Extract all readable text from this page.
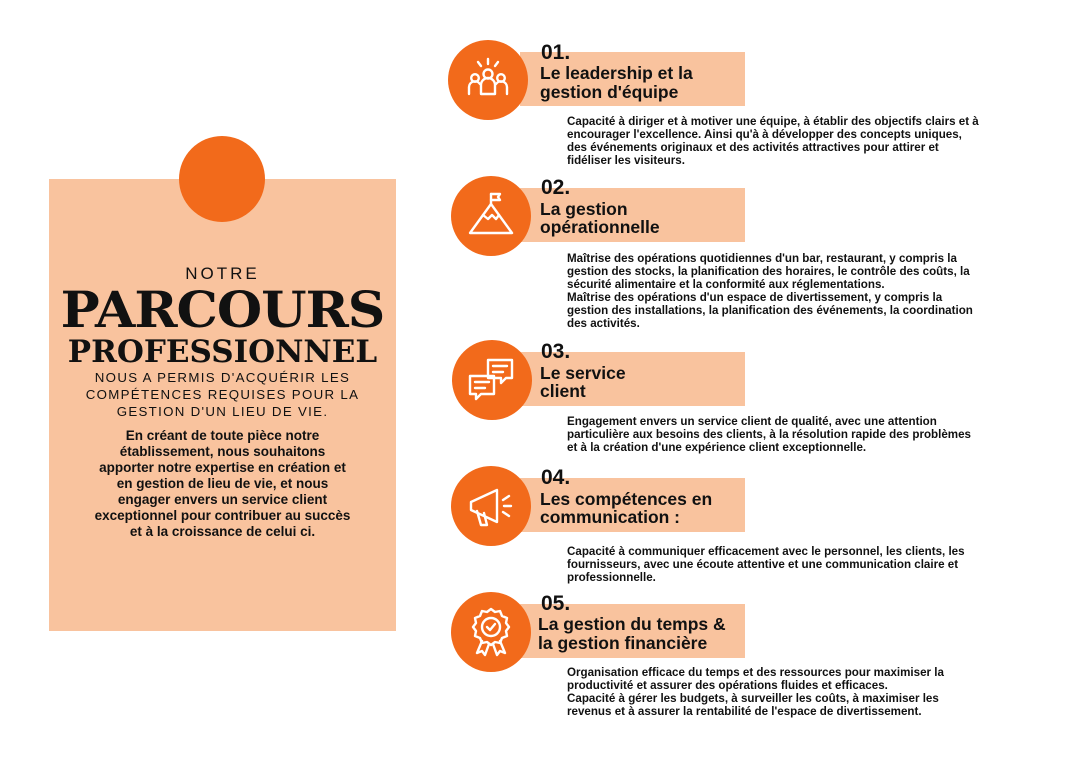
NOTRE
PARCOURS
PROFESSIONNEL
NOUS A PERMIS D'ACQUÉRIR LES COMPÉTENCES REQUISES POUR LA GESTION D'UN LIEU DE VIE.
En créant de toute pièce notre établissement, nous souhaitons apporter notre expertise en création et en gestion de lieu de vie, et nous engager envers un service client exceptionnel pour contribuer au succès et à la croissance de celui ci.
01.
Le leadership et la
gestion d'équipe
Capacité à diriger et à motiver une équipe, à établir des objectifs clairs et à
encourager l'excellence. Ainsi qu'à à développer des concepts uniques,
des événements originaux et des activités attractives pour attirer et
fidéliser les visiteurs.
02.
La gestion
opérationnelle
Maîtrise des opérations quotidiennes d'un bar, restaurant, y compris la
gestion des stocks, la planification des horaires, le contrôle des coûts, la
sécurité alimentaire et la conformité aux réglementations.
Maîtrise des opérations d'un espace de divertissement, y compris la
gestion des installations, la planification des événements, la coordination
des activités.
03.
Le service
client
Engagement envers un service client de qualité, avec une attention
particulière aux besoins des clients, à la résolution rapide des problèmes
et à la création d'une expérience client exceptionnelle.
04.
Les compétences en
communication :
Capacité à communiquer efficacement avec le personnel, les clients, les
fournisseurs, avec une écoute attentive et une communication claire et
professionnelle.
05.
La gestion du temps &
la gestion financière
Organisation efficace du temps et des ressources pour maximiser la
productivité et assurer des opérations fluides et efficaces.
Capacité à gérer les budgets, à surveiller les coûts, à maximiser les
revenus et à assurer la rentabilité de l'espace de divertissement.
